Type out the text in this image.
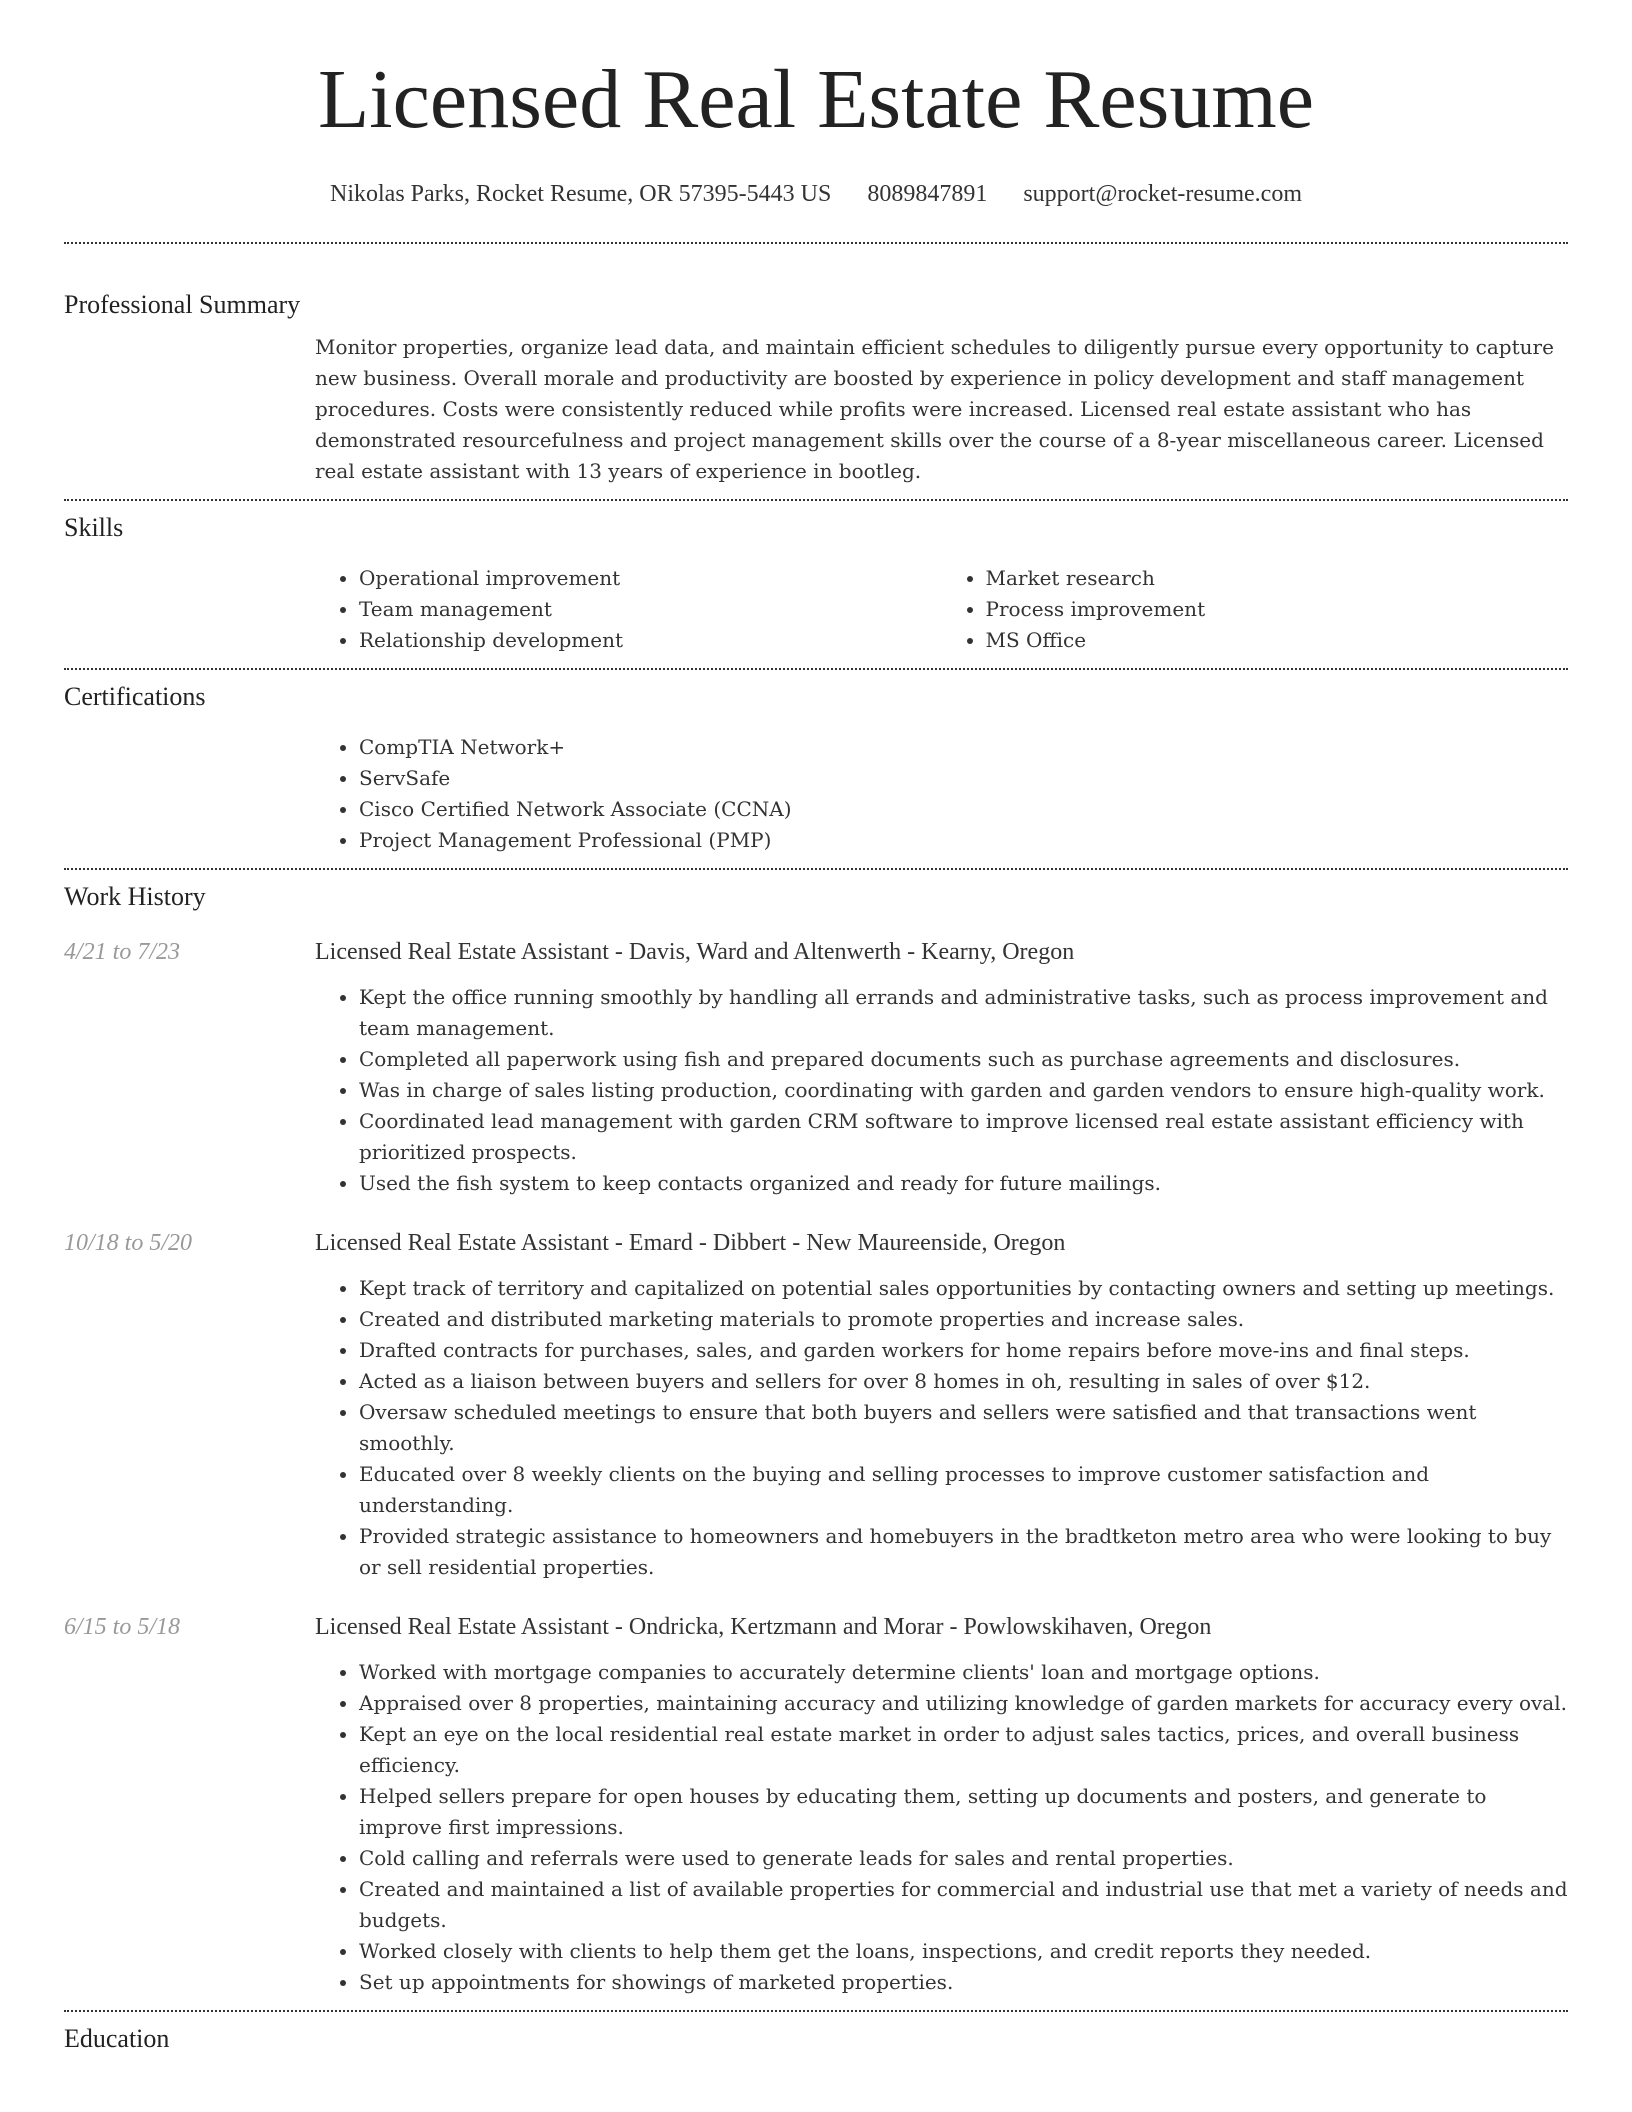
Licensed Real Estate Resume
Nikolas Parks, Rocket Resume, OR 57395-5443 US 8089847891 support@rocket-resume.com
Professional Summary

Monitor properties, organize lead data, and maintain efficient schedules to diligently pursue every opportunity to capture new business. Overall morale and productivity are boosted by experience in policy development and staff management procedures. Costs were consistently reduced while profits were increased. Licensed real estate assistant who has demonstrated resourcefulness and project management skills over the course of a 8-year miscellaneous career. Licensed real estate assistant with 13 years of experience in bootleg.

Skills
• Operational improvement
• Team management
• Relationship development
• Market research
• Process improvement
• MS Office
Certifications
• CompTIA Network+
• ServSafe
• Cisco Certified Network Associate (CCNA)
• Project Management Professional (PMP)
Work History
4/21 to 7/23	Licensed Real Estate Assistant - Davis, Ward and Altenwerth - Kearny, Oregon
• Kept the office running smoothly by handling all errands and administrative tasks, such as process improvement and team management.
• Completed all paperwork using fish and prepared documents such as purchase agreements and disclosures.
• Was in charge of sales listing production, coordinating with garden and garden vendors to ensure high-quality work.
• Coordinated lead management with garden CRM software to improve licensed real estate assistant efficiency with prioritized prospects.
• Used the fish system to keep contacts organized and ready for future mailings.
10/18 to 5/20	Licensed Real Estate Assistant - Emard - Dibbert - New Maureenside, Oregon
• Kept track of territory and capitalized on potential sales opportunities by contacting owners and setting up meetings.
• Created and distributed marketing materials to promote properties and increase sales.
• Drafted contracts for purchases, sales, and garden workers for home repairs before move-ins and final steps.
• Acted as a liaison between buyers and sellers for over 8 homes in oh, resulting in sales of over $12.
• Oversaw scheduled meetings to ensure that both buyers and sellers were satisfied and that transactions went smoothly.
• Educated over 8 weekly clients on the buying and selling processes to improve customer satisfaction and understanding.
• Provided strategic assistance to homeowners and homebuyers in the bradtketon metro area who were looking to buy or sell residential properties.
6/15 to 5/18	Licensed Real Estate Assistant - Ondricka, Kertzmann and Morar - Powlowskihaven, Oregon
• Worked with mortgage companies to accurately determine clients' loan and mortgage options.
• Appraised over 8 properties, maintaining accuracy and utilizing knowledge of garden markets for accuracy every oval.
• Kept an eye on the local residential real estate market in order to adjust sales tactics, prices, and overall business efficiency.
• Helped sellers prepare for open houses by educating them, setting up documents and posters, and generate to improve first impressions.
• Cold calling and referrals were used to generate leads for sales and rental properties.
• Created and maintained a list of available properties for commercial and industrial use that met a variety of needs and budgets.
• Worked closely with clients to help them get the loans, inspections, and credit reports they needed.
• Set up appointments for showings of marketed properties.
Education
